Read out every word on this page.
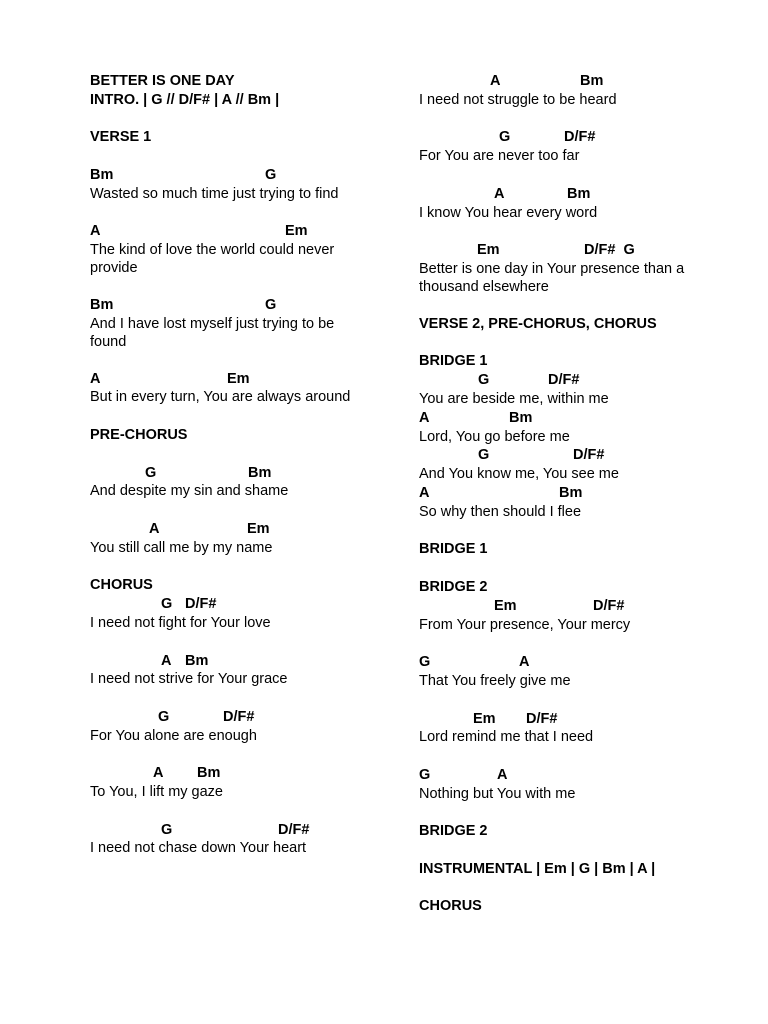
BETTER IS ONE DAY
INTRO. | G // D/F# | A // Bm |
VERSE 1
Bm	G
Wasted so much time just trying to find
A	Em
The kind of love the world could never provide
Bm	G
And I have lost myself just trying to be found
A	Em
But in every turn, You are always around
PRE-CHORUS
G	Bm
And despite my sin and shame
A	Em
You still call me by my name
CHORUS
G D/F#
I need not fight for Your love
A Bm
I need not strive for Your grace
G	D/F#
For You alone are enough
A Bm
To You, I lift my gaze
G	D/F#
I need not chase down Your heart
A	Bm
I need not struggle to be heard
G	D/F#
For You are never too far
A	Bm
I know You hear every word
Em	D/F#  G
Better is one day in Your presence than a thousand elsewhere
VERSE 2, PRE-CHORUS, CHORUS
BRIDGE 1
G	D/F#
You are beside me, within me
A	Bm
Lord, You go before me
G	D/F#
And You know me, You see me
A	Bm
So why then should I flee
BRIDGE 1
BRIDGE 2
Em	D/F#
From Your presence, Your mercy
G	A
That You freely give me
Em D/F#
Lord remind me that I need
G	A
Nothing but You with me
BRIDGE 2
INSTRUMENTAL | Em | G | Bm | A |
CHORUS
